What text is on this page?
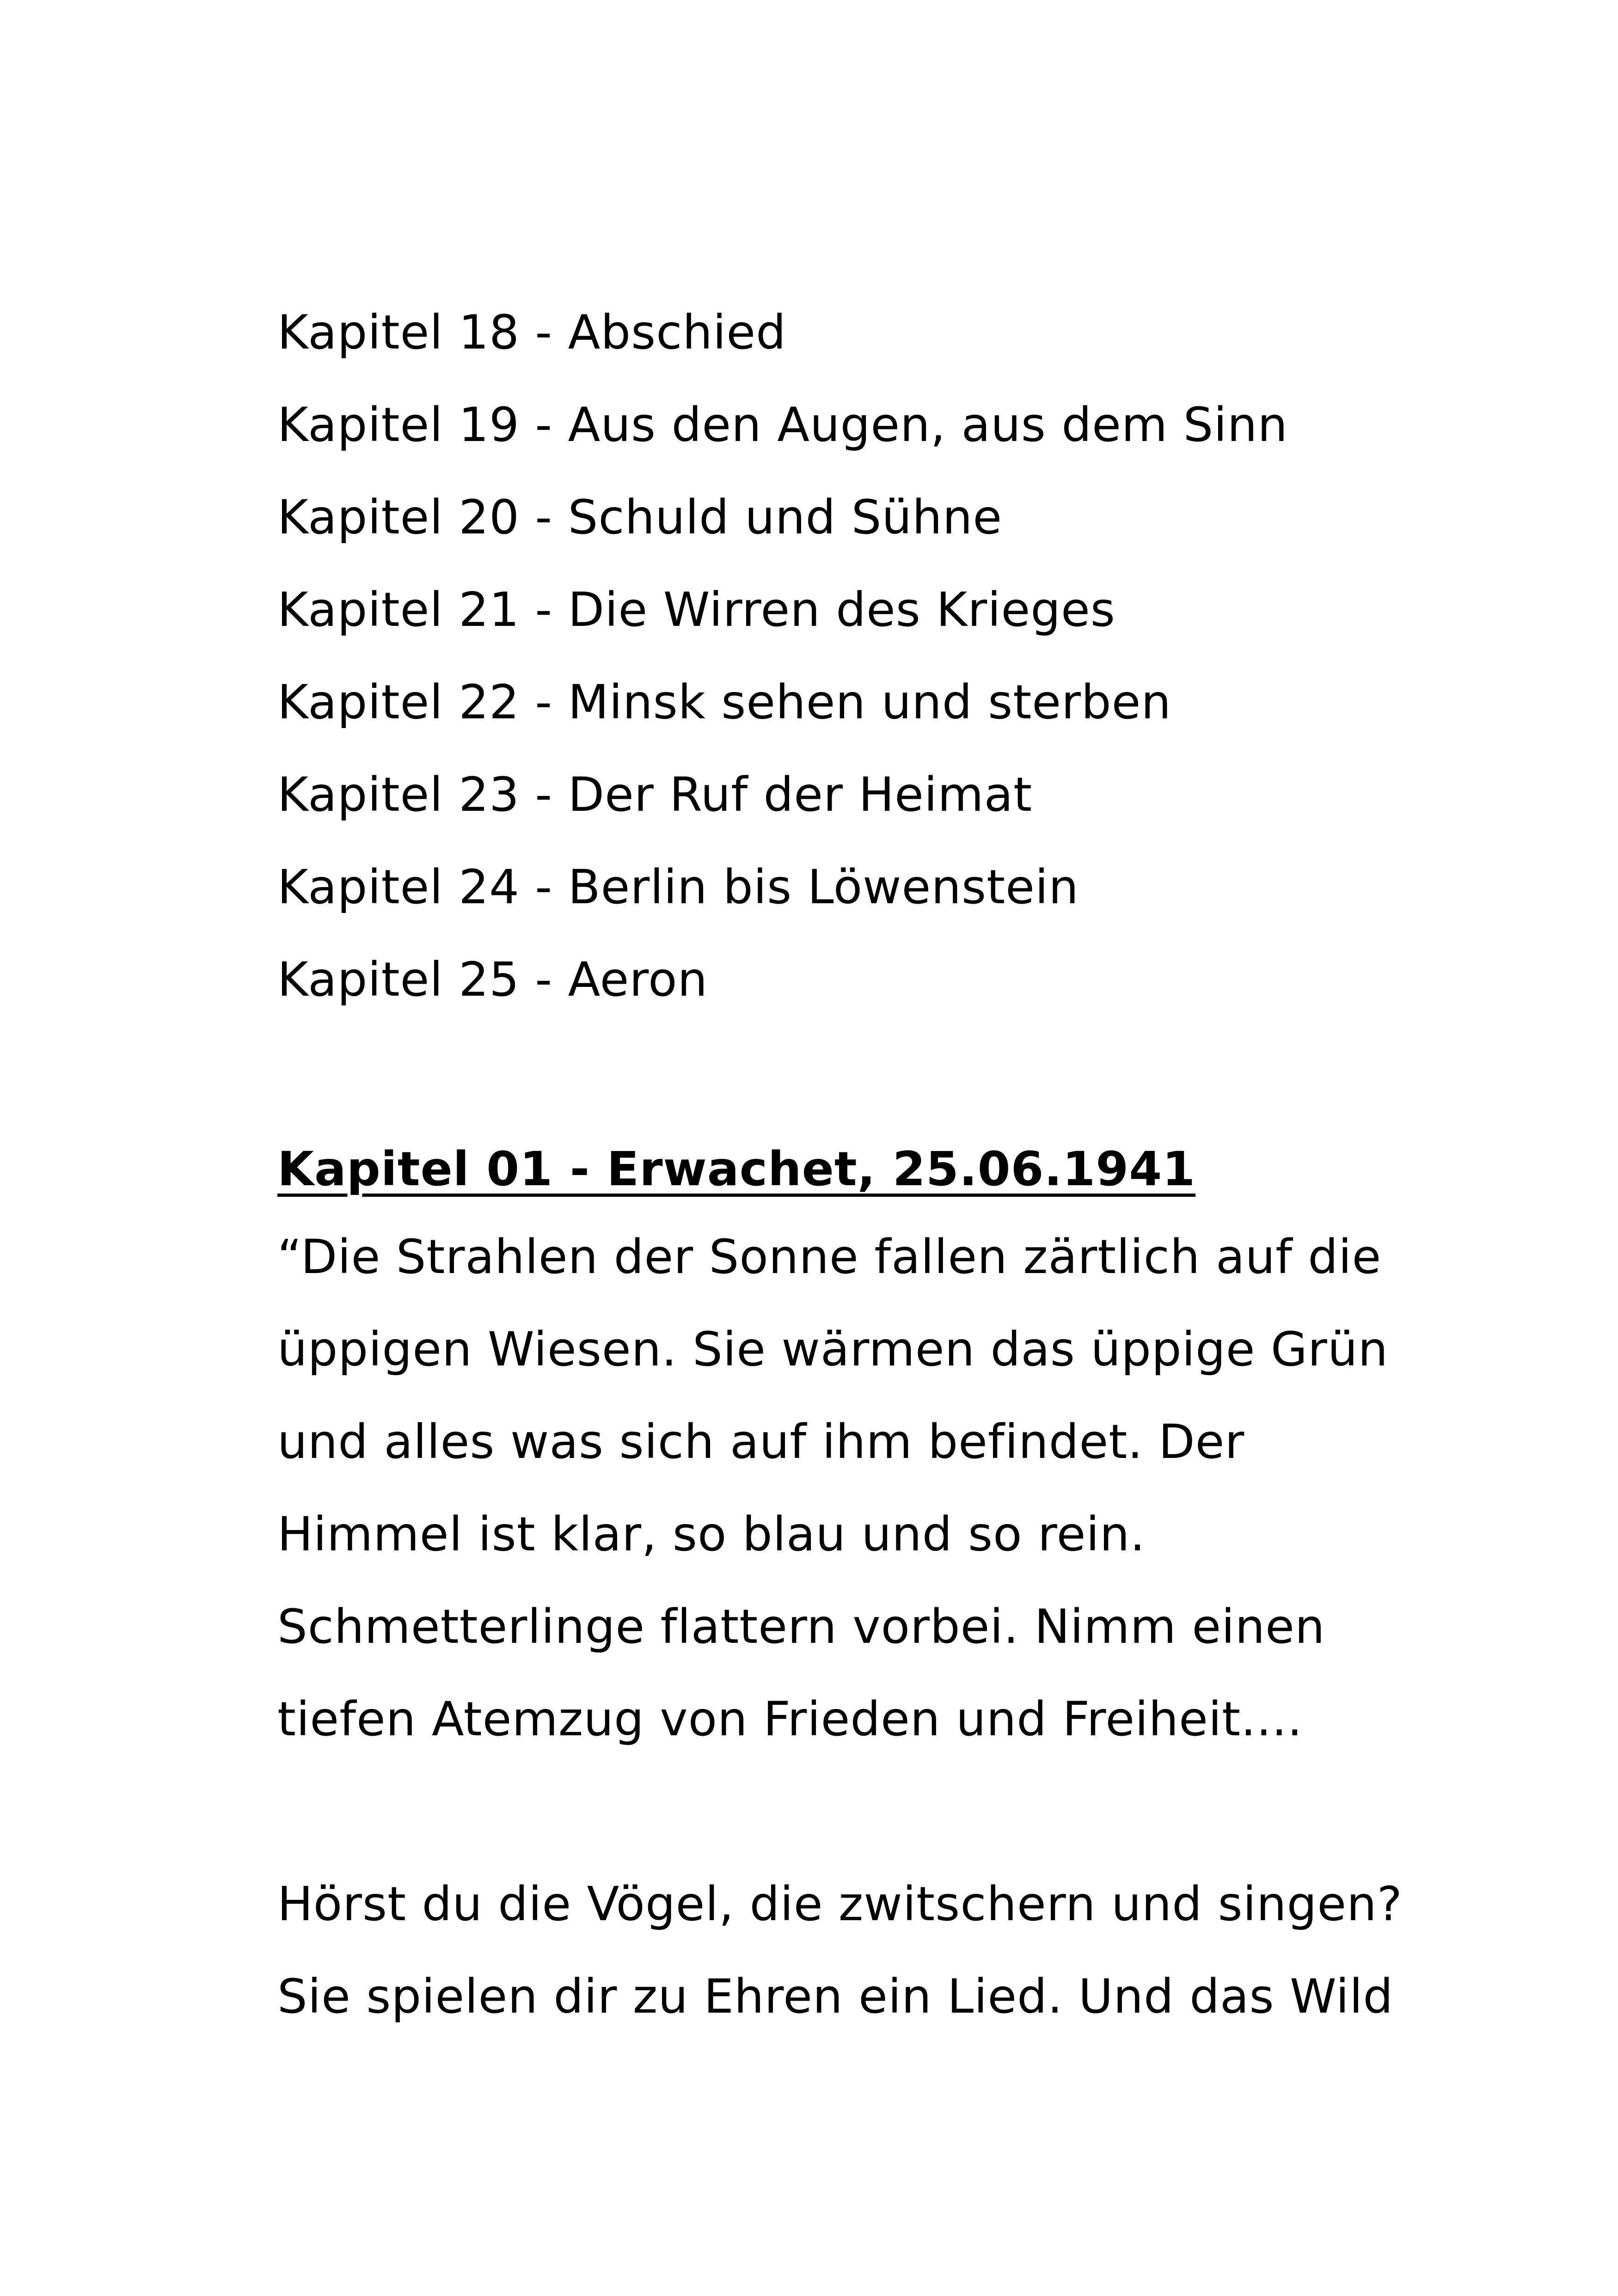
Kapitel 18 - Abschied

Kapitel 19 - Aus den Augen, aus dem Sinn

Kapitel 20 - Schuld und Sühne

Kapitel 21 - Die Wirren des Krieges

Kapitel 22 - Minsk sehen und sterben

Kapitel 23 - Der Ruf der Heimat

Kapitel 24 - Berlin bis Löwenstein

Kapitel 25 - Aeron

Kapitel 01 - Erwachet, 25.06.1941

“Die Strahlen der Sonne fallen zärtlich auf die

üppigen Wiesen. Sie wärmen das üppige Grün

und alles was sich auf ihm befindet. Der

Himmel ist klar, so blau und so rein.

Schmetterlinge flattern vorbei. Nimm einen

tiefen Atemzug von Frieden und Freiheit....

Hörst du die Vögel, die zwitschern und singen?

Sie spielen dir zu Ehren ein Lied. Und das Wild
